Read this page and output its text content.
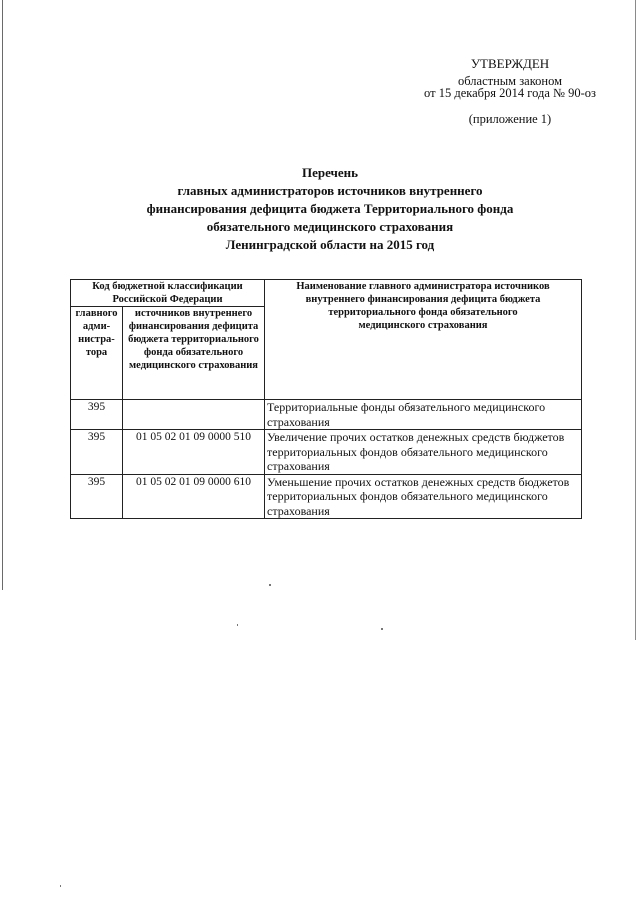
УТВЕРЖДЕН
областным законом
от 15 декабря 2014 года № 90-оз
(приложение 1)
Перечень
главных администраторов источников внутреннего
финансирования дефицита бюджета Территориального фонда
обязательного медицинского страхования
Ленинградской области на 2015 год
Код бюджетной классификации Российской Федерации		Наименование главного администратора источников внутреннего финансирования дефицита бюджета территориального фонда обязательного медицинского страхования
главного адми-нистра-тора	источников внутреннего финансирования дефицита бюджета территориального фонда обязательного медицинского страхования	
395		Территориальные фонды обязательного медицинского страхования
395	01 05 02 01 09 0000 510	Увеличение прочих остатков денежных средств бюджетов территориальных фондов обязательного медицинского страхования
395	01 05 02 01 09 0000 610	Уменьшение прочих остатков денежных средств бюджетов территориальных фондов обязательного медицинского страхования
